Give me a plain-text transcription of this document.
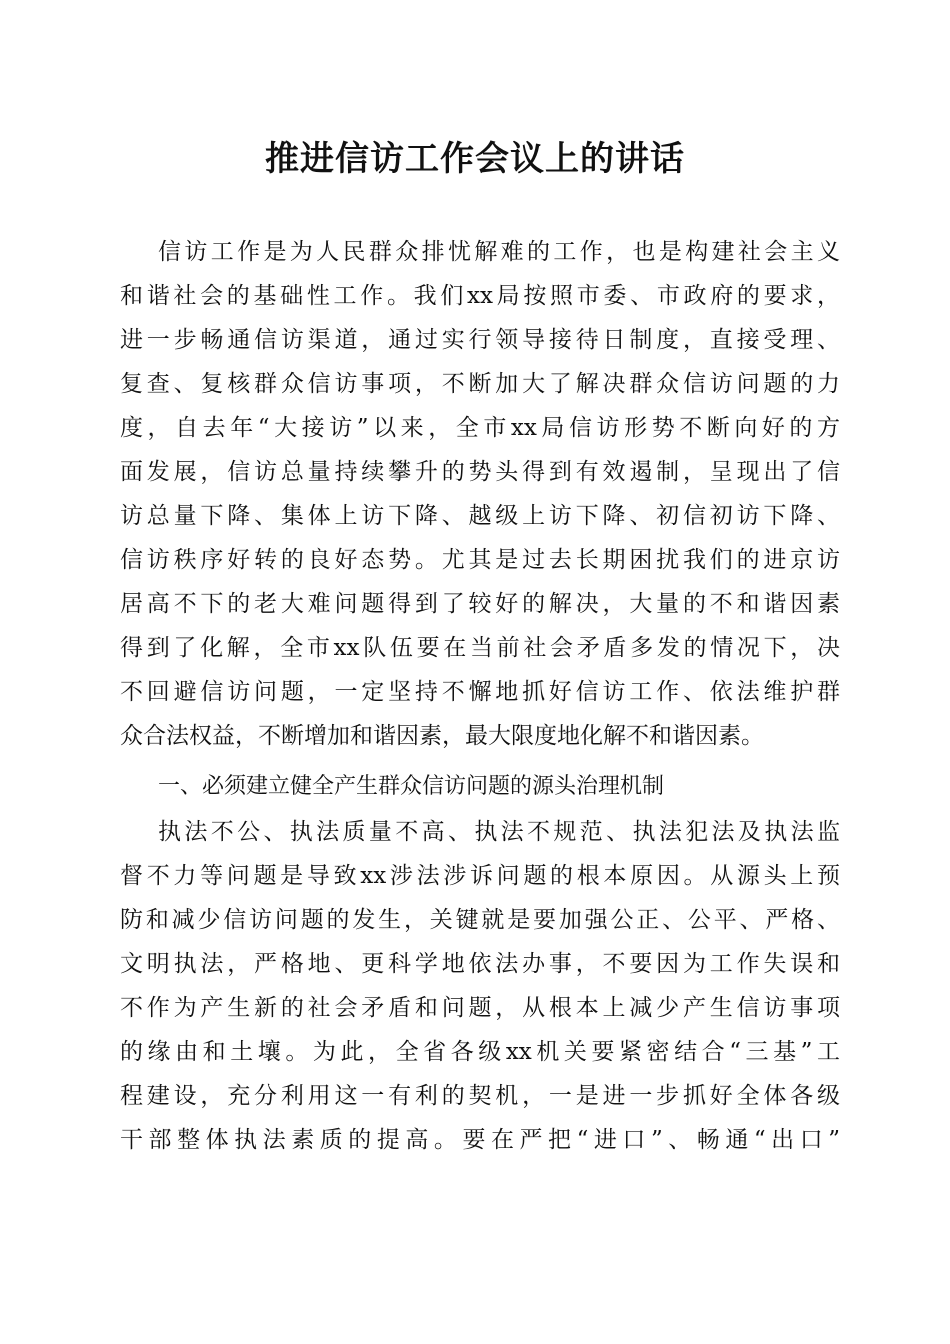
推进信访工作会议上的讲话

信访工作是为人民群众排忧解难的工作，也是构建社会主义

和谐社会的基础性工作。我们xx局按照市委、市政府的要求，

进一步畅通信访渠道，通过实行领导接待日制度，直接受理、

复查、复核群众信访事项，不断加大了解决群众信访问题的力

度，自去年“大接访”以来，全市xx局信访形势不断向好的方

面发展，信访总量持续攀升的势头得到有效遏制，呈现出了信

访总量下降、集体上访下降、越级上访下降、初信初访下降、

信访秩序好转的良好态势。尤其是过去长期困扰我们的进京访

居高不下的老大难问题得到了较好的解决，大量的不和谐因素

得到了化解，全市xx队伍要在当前社会矛盾多发的情况下，决

不回避信访问题，一定坚持不懈地抓好信访工作、依法维护群

众合法权益，不断增加和谐因素，最大限度地化解不和谐因素。

一、必须建立健全产生群众信访问题的源头治理机制

执法不公、执法质量不高、执法不规范、执法犯法及执法监

督不力等问题是导致xx涉法涉诉问题的根本原因。从源头上预

防和减少信访问题的发生，关键就是要加强公正、公平、严格、

文明执法，严格地、更科学地依法办事，不要因为工作失误和

不作为产生新的社会矛盾和问题，从根本上减少产生信访事项

的缘由和土壤。为此，全省各级xx机关要紧密结合“三基”工

程建设，充分利用这一有利的契机，一是进一步抓好全体各级

干部整体执法素质的提高。要在严把“进口”、畅通“出口”
